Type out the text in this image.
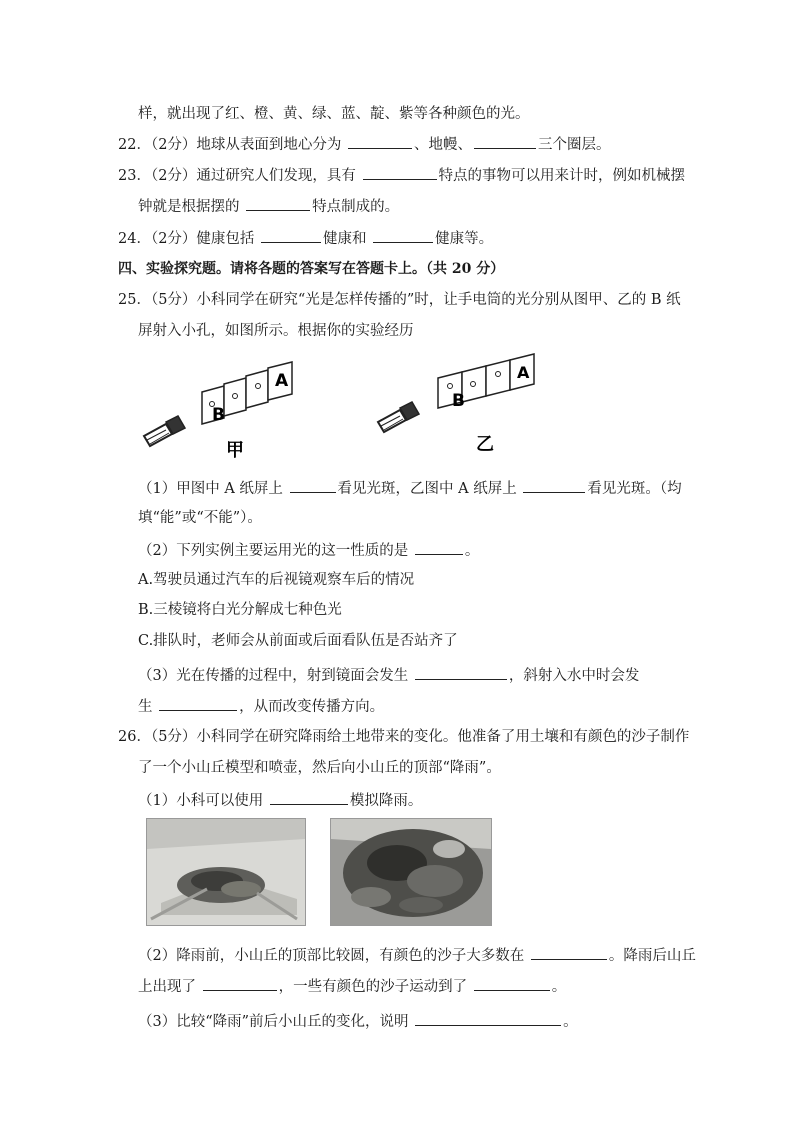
样，就出现了红、橙、黄、绿、蓝、靛、紫等各种颜色的光。
22．（2分）地球从表面到地心分为	、地幔、	三个圈层。
23．（2分）通过研究人们发现，具有	特点的事物可以用来计时，例如机械摆
钟就是根据摆的	特点制成的。
24．（2分）健康包括	健康和	健康等。
四、实验探究题。请将各题的答案写在答题卡上。（共 20 分）
25．（5分）小科同学在研究“光是怎样传播的”时，让手电筒的光分别从图甲、乙的 B 纸
屏射入小孔，如图所示。根据你的实验经历
A
B
甲
A
B
乙
（1）甲图中 A 纸屏上	看见光斑，乙图中 A 纸屏上	看见光斑。（均
填“能”或“不能”）。
（2）下列实例主要运用光的这一性质的是	。
A.驾驶员通过汽车的后视镜观察车后的情况
B.三棱镜将白光分解成七种色光
C.排队时，老师会从前面或后面看队伍是否站齐了
（3）光在传播的过程中，射到镜面会发生	，斜射入水中时会发
生	，从而改变传播方向。
26．（5分）小科同学在研究降雨给土地带来的变化。他准备了用土壤和有颜色的沙子制作
了一个小山丘模型和喷壶，然后向小山丘的顶部“降雨”。
（1）小科可以使用	模拟降雨。
（2）降雨前，小山丘的顶部比较圆，有颜色的沙子大多数在	。降雨后山丘
上出现了	，一些有颜色的沙子运动到了	。
（3）比较“降雨”前后小山丘的变化，说明	。
